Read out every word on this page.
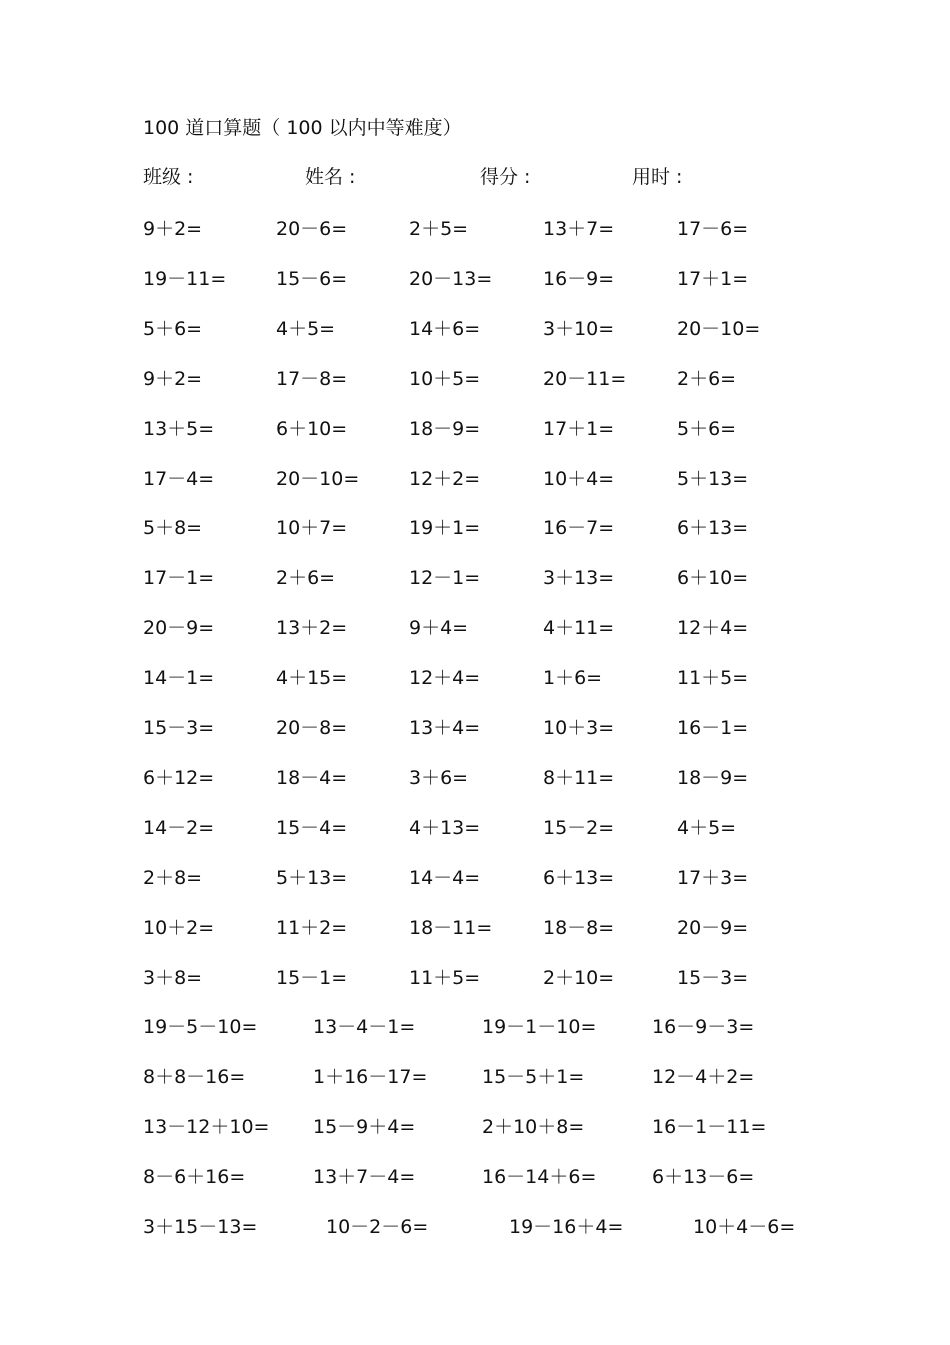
100 道口算题（ 100 以内中等难度）
班级 :	姓名 :	得分 :	用时 :
9＋2=	20－6=	2＋5=	13＋7=	17－6=
19－11=	15－6=	20－13=	16－9=	17＋1=
5＋6=	4＋5=	14＋6=	3＋10=	20－10=
9＋2=	17－8=	10＋5=	20－11=	2＋6=
13＋5=	6＋10=	18－9=	17＋1=	5＋6=
17－4=	20－10=	12＋2=	10＋4=	5＋13=
5＋8=	10＋7=	19＋1=	16－7=	6＋13=
17－1=	2＋6=	12－1=	3＋13=	6＋10=
20－9=	13＋2=	9＋4=	4＋11=	12＋4=
14－1=	4＋15=	12＋4=	1＋6=	11＋5=
15－3=	20－8=	13＋4=	10＋3=	16－1=
6＋12=	18－4=	3＋6=	8＋11=	18－9=
14－2=	15－4=	4＋13=	15－2=	4＋5=
2＋8=	5＋13=	14－4=	6＋13=	17＋3=
10＋2=	11＋2=	18－11=	18－8=	20－9=
3＋8=	15－1=	11＋5=	2＋10=	15－3=
19－5－10=	13－4－1=	19－1－10=	16－9－3=
8＋8－16=	1＋16－17=	15－5＋1=	12－4＋2=
13－12＋10= 15－9＋4=	2＋10＋8=	16－1－11=
8－6＋16=	13＋7－4=	16－14＋6=	6＋13－6=
3＋15－13=	10－2－6=	19－16＋4=	10＋4－6=
